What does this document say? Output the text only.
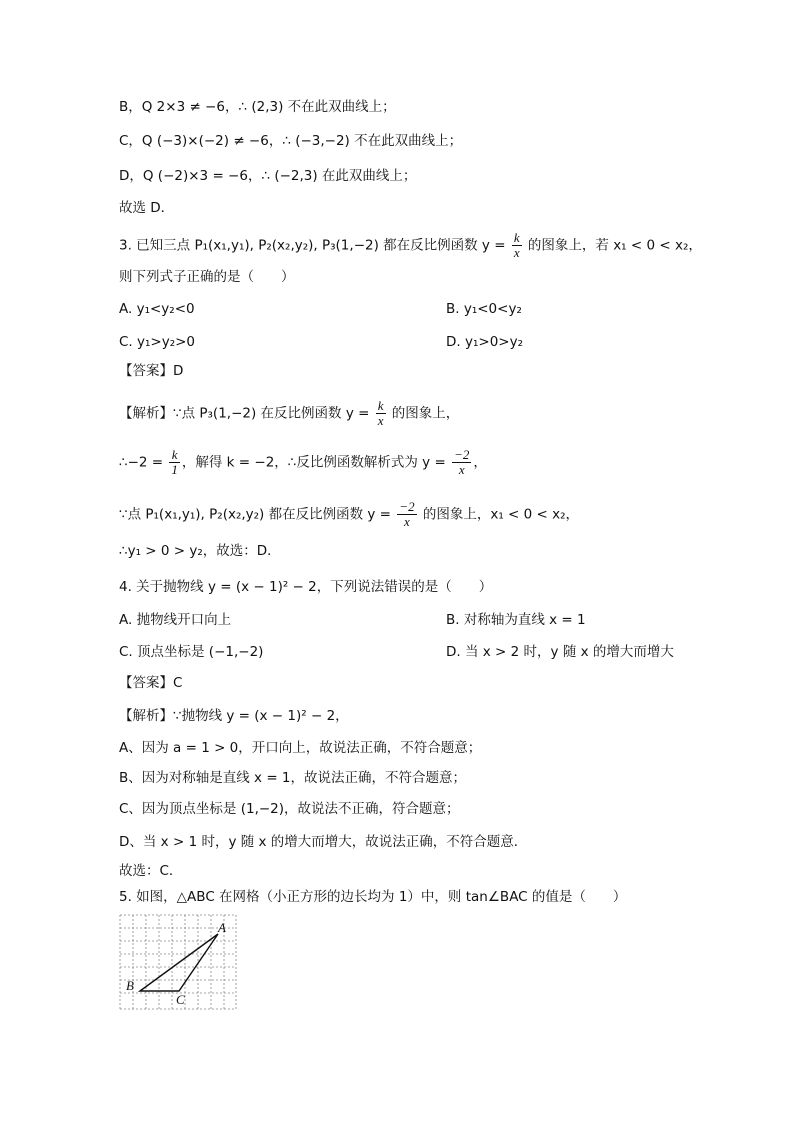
B，Q 2×3 ≠ −6，∴ (2,3) 不在此双曲线上；
C，Q (−3)×(−2) ≠ −6，∴ (−3,−2) 不在此双曲线上；
D，Q (−2)×3 = −6，∴ (−2,3) 在此双曲线上；
故选 D．
3. 已知三点 P₁(x₁,y₁), P₂(x₂,y₂), P₃(1,−2) 都在反比例函数 $y = \frac{k}{x}$ 的图象上，若 x₁ < 0 < x₂，
则下列式子正确的是（　　）
A. y₁<y₂<0	B. y₁<0<y₂
C. y₁>y₂>0	D. y₁>0>y₂
【答案】D
【解析】∵点 P₃(1,−2) 在反比例函数 $y = \frac{k}{x}$ 的图象上，
∴−2 = $\frac{k}{1}$ ，解得 k = −2，∴反比例函数解析式为 $y = \frac{-2}{x}$ ，
∵点 P₁(x₁,y₁), P₂(x₂,y₂) 都在反比例函数 $y = \frac{-2}{x}$ 的图象上，x₁ < 0 < x₂，
∴y₁ > 0 > y₂，故选：D．
4. 关于抛物线 y = (x − 1)² − 2，下列说法错误的是（　　）
A. 抛物线开口向上	B. 对称轴为直线 x = 1
C. 顶点坐标是 (−1,−2)	D. 当 x > 2 时，y 随 x 的增大而增大
【答案】C
【解析】∵抛物线 y = (x − 1)² − 2，
A、因为 a = 1 > 0，开口向上，故说法正确，不符合题意；
B、因为对称轴是直线 x = 1，故说法正确，不符合题意；
C、因为顶点坐标是 (1,−2)，故说法不正确，符合题意；
D、当 x > 1 时，y 随 x 的增大而增大，故说法正确，不符合题意．
故选：C．
5. 如图，△ABC 在网格（小正方形的边长均为 1）中，则 tan∠BAC 的值是（　　）
A
B
C
